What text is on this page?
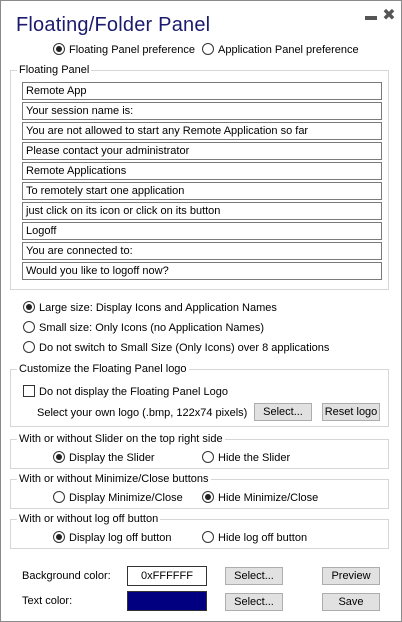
Floating/Folder Panel	✖
Floating Panel preference	Application Panel preference
Floating Panel
Remote App
Your session name is:
You are not allowed to start any Remote Application so far
Please contact your administrator
Remote Applications
To remotely start one application
just click on its icon or click on its button
Logoff
You are connected to:
Would you like to logoff now?
Large size: Display Icons and Application Names
Small size: Only Icons (no Application Names)
Do not switch to Small Size (Only Icons) over 8 applications
Customize the Floating Panel logo
Do not display the Floating Panel Logo
Select your own logo (.bmp, 122x74 pixels)	Select...	Reset logo
With or without Slider on the top right side
Display the Slider	Hide the Slider
With or without Minimize/Close buttons
Display Minimize/Close	Hide Minimize/Close
With or without log off button
Display log off button	Hide log off button
Background color:	0xFFFFFF	Select...	Preview
Text color:	0x000080	Select...	Save
